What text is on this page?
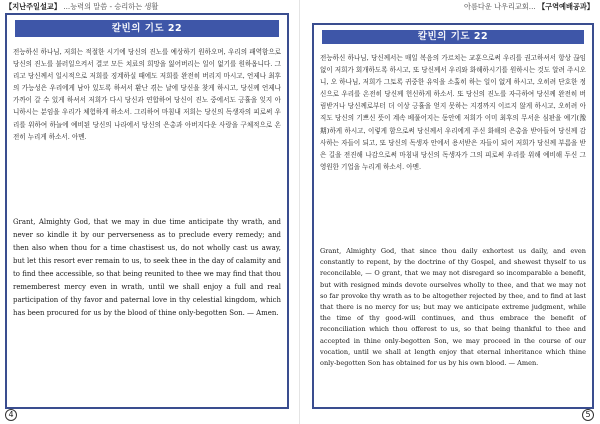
【지난주일설교】 ...능력의 말씀 - 승리하는 생활	아름다운 나우리교회... 【구역예배공과】
칼빈의 기도 22
전능하신 하나님, 저희는 적절한 시기에 당신의 진노를 예상하기 원하오며, 우리의 패역함으로 당신의 진노를 불러일으켜서 결코 모든 치료의 희망을 잃어버리는 일이 없기를 원하옵니다. 그리고 당신께서 일시적으로 저희를 징계하실 때에도 저희를 완전히 버리지 마시고, 언제나 최후의 가능성은 우리에게 남아 있도록 하셔서 환난 겪는 날에 당신을 찾게 하시고, 당신께 언제나 가까이 갈 수 있게 하셔서 저희가 다시 당신과 연합하여 당신이 진노 중에서도 긍휼을 잊지 아니하시는 분임을 우리가 체험하게 하소서. 그리하여 마침내 저희는 당신의 독생자의 피로써 우리를 위하여 하늘에 예비된 당신의 나라에서 당신의 은총과 아버지다운 사랑을 구체적으로 온전히 누리게 하소서. 아멘.
Grant, Almighty God, that we may in due time anticipate thy wrath, and never so kindle it by our perverseness as to preclude every remedy; and then also when thou for a time chastisest us, do not wholly cast us away, but let this resort ever remain to us, to seek thee in the day of calamity and to find thee accessible, so that being reunited to thee we may find that thou rememberest mercy even in wrath, until we shall enjoy a full and real participation of thy favor and paternal love in thy celestial kingdom, which has been procured for us by the blood of thine only-begotten Son. — Amen.
칼빈의 기도 22
전능하신 하나님, 당신께서는 매일 복음의 가르치는 교훈으로써 우리를 권고하셔서 항상 끊임없이 저희가 회개하도록 하시고, 또 당신께서 우리와 화해하시기를 원하시는 것도 알려 주시오니, 오 하나님, 저희가 그토록 귀중한 유익을 소홀히 하는 일이 없게 하시고, 오히려 단호한 정신으로 우리를 온전히 당신께 헌신하게 하소서. 또 당신의 진노를 자극하여 당신께 완전히 버림받거나 당신께로부터 더 이상 긍휼을 얻지 못하는 지경까지 이르지 않게 하시고, 오히려 아직도 당신의 기쁘신 뜻이 계속 베풀어지는 동안에 저희가 이미 최후의 무서운 심판을 예기(豫期)하게 하시고, 이렇게 함으로써 당신께서 우리에게 주신 화해의 은총을 받아들여 당신께 감사하는 자들이 되고, 또 당신의 독생자 안에서 용서받은 자들이 되어 저희가 당신께 부름을 받은 길을 전진해 나감으로써 마침내 당신의 독생자가 그의 피로써 우리를 위해 예비해 두신 그 영원한 기업을 누리게 하소서. 아멘.
Grant, Almighty God, that since thou daily exhortest us daily, and even constantly to repent, by the doctrine of thy Gospel, and shewest thyself to us reconcilable, — O grant, that we may not disregard so incomparable a benefit, but with resigned minds devote ourselves wholly to thee, and that we may not so far provoke thy wrath as to be altogether rejected by thee, and to find at last that there is no mercy for us; but may we anticipate extreme judgment, while the time of thy good-will continues, and thus embrace the benefit of reconciliation which thou offerest to us, so that being thankful to thee and accepted in thine only-begotten Son, we may proceed in the course of our vocation, until we shall at length enjoy that eternal inheritance which thine only-begotten Son has obtained for us by his own blood. — Amen.
4	5
